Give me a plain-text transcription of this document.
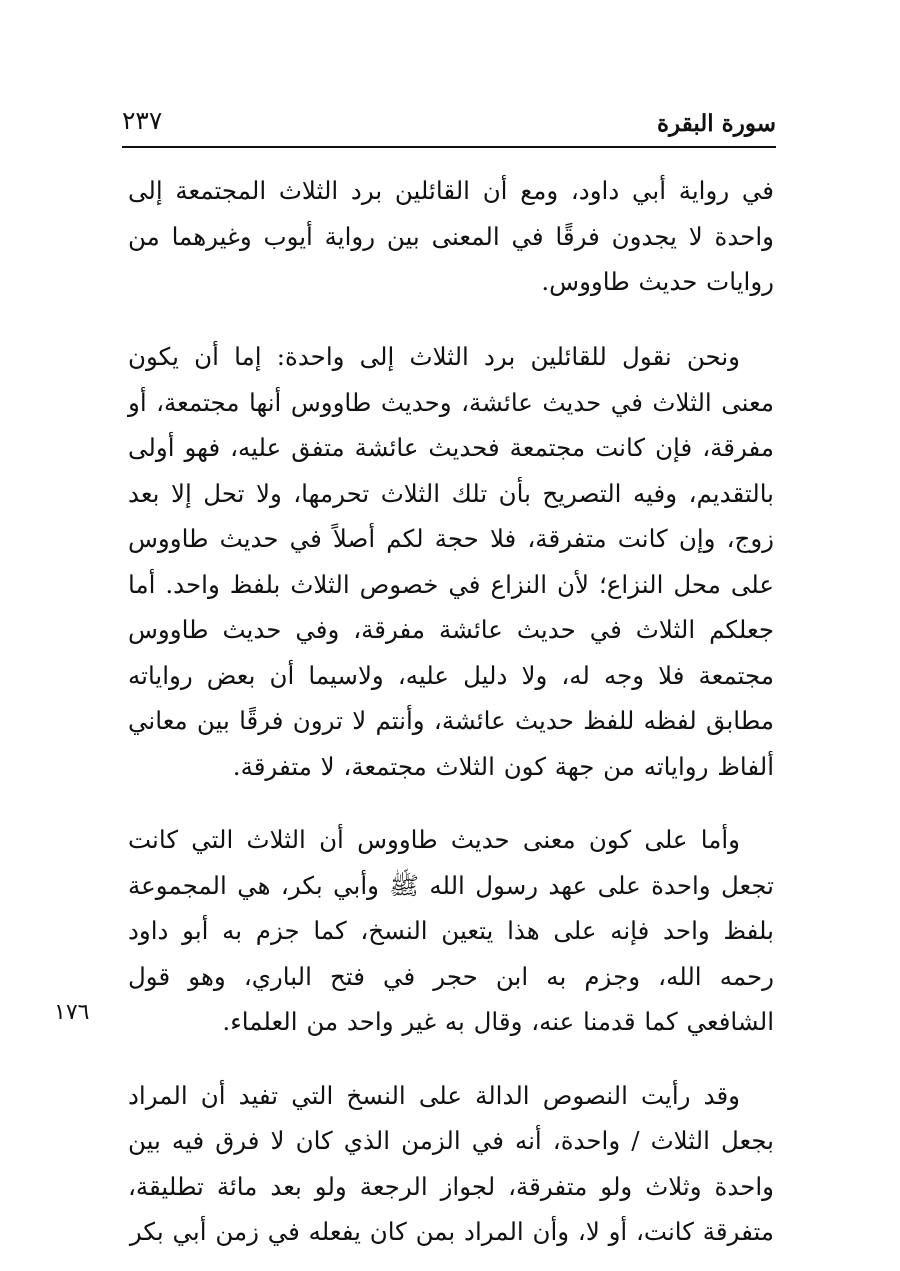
سورة البقرة
٢٣٧

في رواية أبي داود، ومع أن القائلين برد الثلاث المجتمعة إلى واحدة لا يجدون فرقًا في المعنى بين رواية أيوب وغيرهما من روايات حديث طاووس.

ونحن نقول للقائلين برد الثلاث إلى واحدة: إما أن يكون معنى الثلاث في حديث عائشة، وحديث طاووس أنها مجتمعة، أو مفرقة، فإن كانت مجتمعة فحديث عائشة متفق عليه، فهو أولى بالتقديم، وفيه التصريح بأن تلك الثلاث تحرمها، ولا تحل إلا بعد زوج، وإن كانت متفرقة، فلا حجة لكم أصلاً في حديث طاووس على محل النزاع؛ لأن النزاع في خصوص الثلاث بلفظ واحد. أما جعلكم الثلاث في حديث عائشة مفرقة، وفي حديث طاووس مجتمعة فلا وجه له، ولا دليل عليه، ولاسيما أن بعض رواياته مطابق لفظه للفظ حديث عائشة، وأنتم لا ترون فرقًا بين معاني ألفاظ رواياته من جهة كون الثلاث مجتمعة، لا متفرقة.

وأما على كون معنى حديث طاووس أن الثلاث التي كانت تجعل واحدة على عهد رسول الله ﷺ وأبي بكر، هي المجموعة بلفظ واحد فإنه على هذا يتعين النسخ، كما جزم به أبو داود رحمه الله، وجزم به ابن حجر في فتح الباري، وهو قول الشافعي كما قدمنا عنه، وقال به غير واحد من العلماء.

وقد رأيت النصوص الدالة على النسخ التي تفيد أن المراد بجعل الثلاث / واحدة، أنه في الزمن الذي كان لا فرق فيه بين واحدة وثلاث ولو متفرقة، لجواز الرجعة ولو بعد مائة تطليقة، متفرقة كانت، أو لا، وأن المراد بمن كان يفعله في زمن أبي بكر

١٧٦
